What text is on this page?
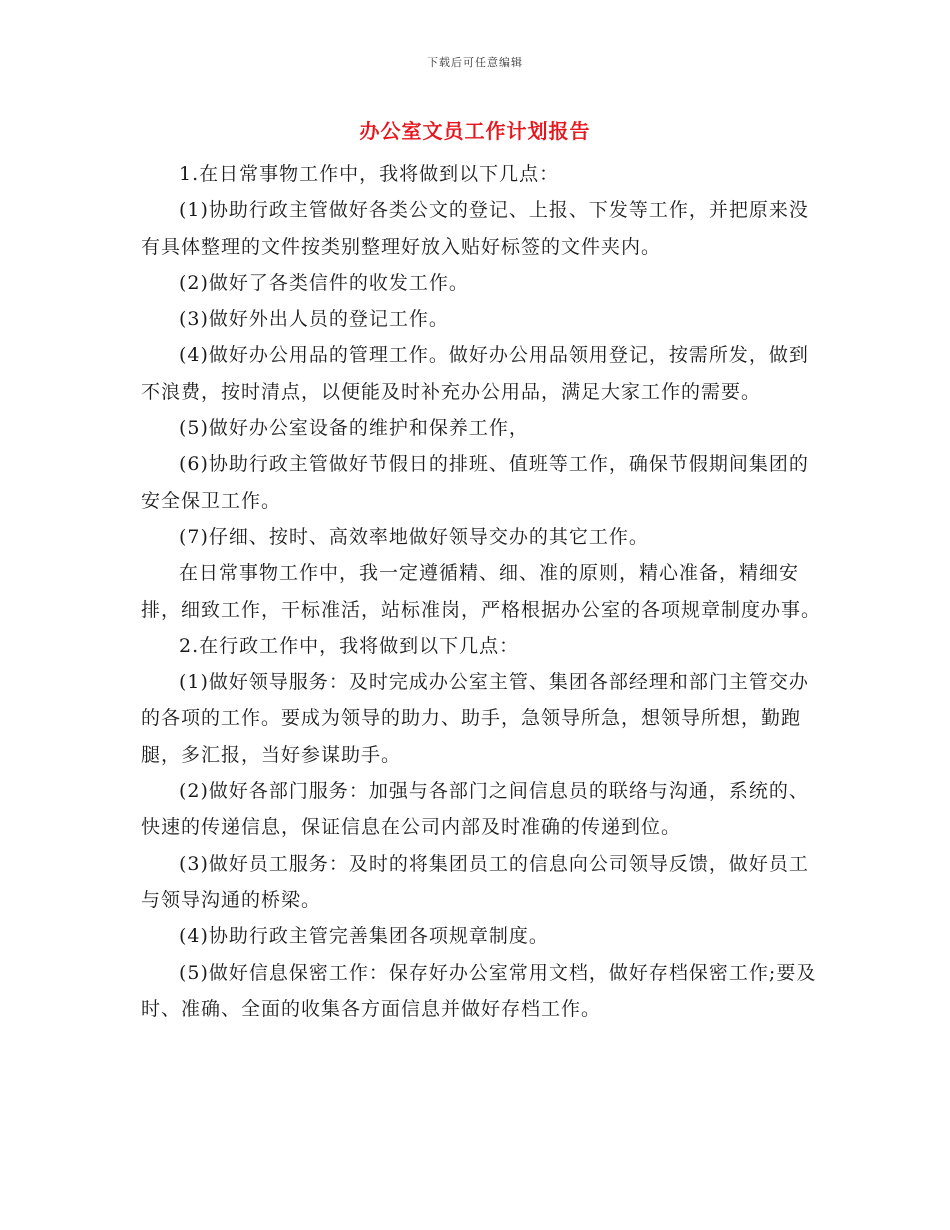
下载后可任意编辑
办公室文员工作计划报告

1.在日常事物工作中，我将做到以下几点：

(1)协助行政主管做好各类公文的登记、上报、下发等工作，并把原来没有具体整理的文件按类别整理好放入贴好标签的文件夹内。

(2)做好了各类信件的收发工作。

(3)做好外出人员的登记工作。

(4)做好办公用品的管理工作。做好办公用品领用登记，按需所发，做到不浪费，按时清点，以便能及时补充办公用品，满足大家工作的需要。

(5)做好办公室设备的维护和保养工作，

(6)协助行政主管做好节假日的排班、值班等工作，确保节假期间集团的安全保卫工作。

(7)仔细、按时、高效率地做好领导交办的其它工作。

在日常事物工作中，我一定遵循精、细、准的原则，精心准备，精细安排，细致工作，干标准活，站标准岗，严格根据办公室的各项规章制度办事。

2.在行政工作中，我将做到以下几点：

(1)做好领导服务：及时完成办公室主管、集团各部经理和部门主管交办的各项的工作。要成为领导的助力、助手，急领导所急，想领导所想，勤跑腿，多汇报，当好参谋助手。

(2)做好各部门服务：加强与各部门之间信息员的联络与沟通，系统的、快速的传递信息，保证信息在公司内部及时准确的传递到位。

(3)做好员工服务：及时的将集团员工的信息向公司领导反馈，做好员工与领导沟通的桥梁。

(4)协助行政主管完善集团各项规章制度。

(5)做好信息保密工作：保存好办公室常用文档，做好存档保密工作;要及时、准确、全面的收集各方面信息并做好存档工作。
